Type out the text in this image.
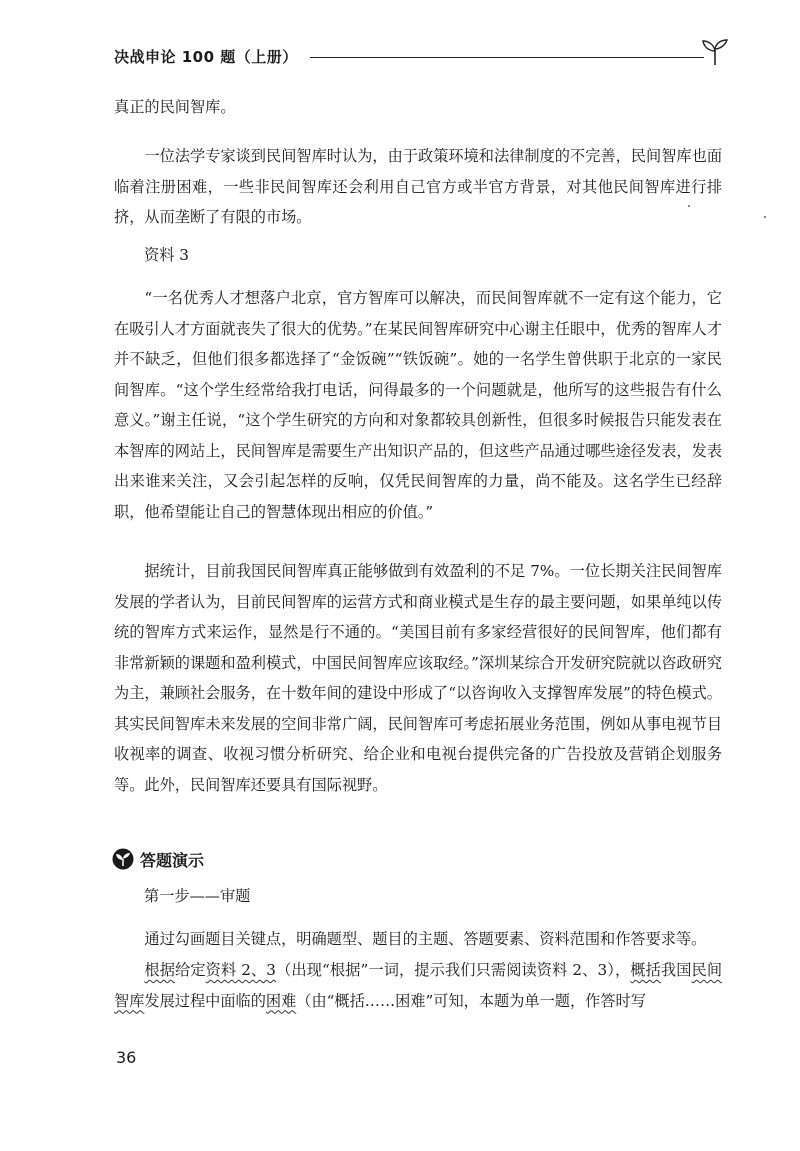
决战申论 100 题（上册）

真正的民间智库。

一位法学专家谈到民间智库时认为，由于政策环境和法律制度的不完善，民间智库也面临着注册困难，一些非民间智库还会利用自己官方或半官方背景，对其他民间智库进行排挤，从而垄断了有限的市场。

资料 3

“一名优秀人才想落户北京，官方智库可以解决，而民间智库就不一定有这个能力，它在吸引人才方面就丧失了很大的优势。”在某民间智库研究中心谢主任眼中，优秀的智库人才并不缺乏，但他们很多都选择了“金饭碗”“铁饭碗”。她的一名学生曾供职于北京的一家民间智库。“这个学生经常给我打电话，问得最多的一个问题就是，他所写的这些报告有什么意义。”谢主任说，“这个学生研究的方向和对象都较具创新性，但很多时候报告只能发表在本智库的网站上，民间智库是需要生产出知识产品的，但这些产品通过哪些途径发表，发表出来谁来关注，又会引起怎样的反响，仅凭民间智库的力量，尚不能及。这名学生已经辞职，他希望能让自己的智慧体现出相应的价值。”

据统计，目前我国民间智库真正能够做到有效盈利的不足 7%。一位长期关注民间智库发展的学者认为，目前民间智库的运营方式和商业模式是生存的最主要问题，如果单纯以传统的智库方式来运作，显然是行不通的。“美国目前有多家经营很好的民间智库，他们都有非常新颖的课题和盈利模式，中国民间智库应该取经。”深圳某综合开发研究院就以咨政研究为主，兼顾社会服务，在十数年间的建设中形成了“以咨询收入支撑智库发展”的特色模式。其实民间智库未来发展的空间非常广阔，民间智库可考虑拓展业务范围，例如从事电视节目收视率的调查、收视习惯分析研究、给企业和电视台提供完备的广告投放及营销企划服务等。此外，民间智库还要具有国际视野。

答题演示

第一步——审题

通过勾画题目关键点，明确题型、题目的主题、答题要素、资料范围和作答要求等。

根据给定资料 2、3（出现“根据”一词，提示我们只需阅读资料 2、3），概括我国民间智库发展过程中面临的困难（由“概括……困难”可知，本题为单一题，作答时写

36
